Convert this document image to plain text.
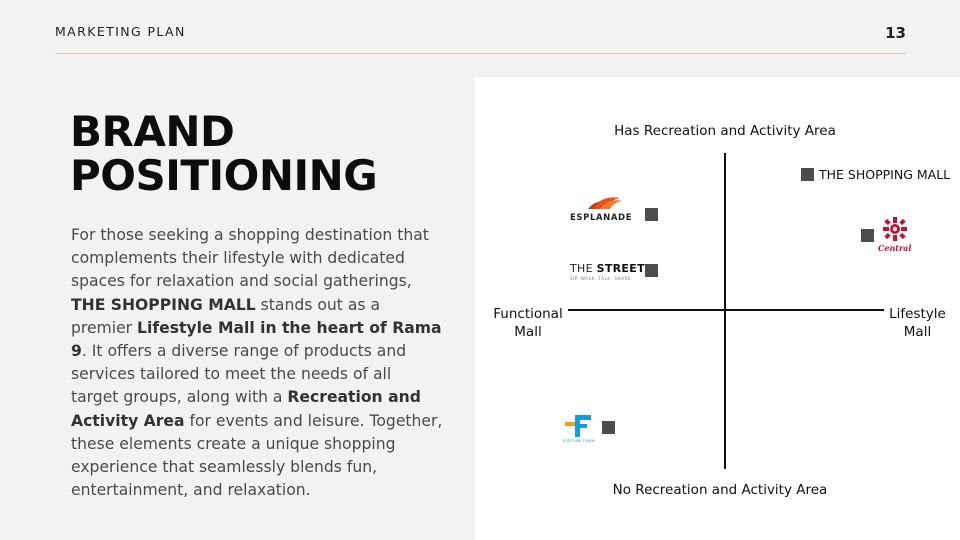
MARKETING PLAN	13
BRAND
POSITIONING

For those seeking a shopping destination that complements their lifestyle with dedicated spaces for relaxation and social gatherings, THE SHOPPING MALL stands out as a premier Lifestyle Mall in the heart of Rama 9. It offers a diverse range of products and services tailored to meet the needs of all target groups, along with a Recreation and Activity Area for events and leisure. Together, these elements create a unique shopping experience that seamlessly blends fun, entertainment, and relaxation.

Has Recreation and Activity Area
No Recreation and Activity Area
Functional
Mall
Lifestyle
Mall
THE SHOPPING MALL
ESPLANADE
THE STREET
SIP. WALK. TALK. SHARE.
Central
FORTUNE TOWN
